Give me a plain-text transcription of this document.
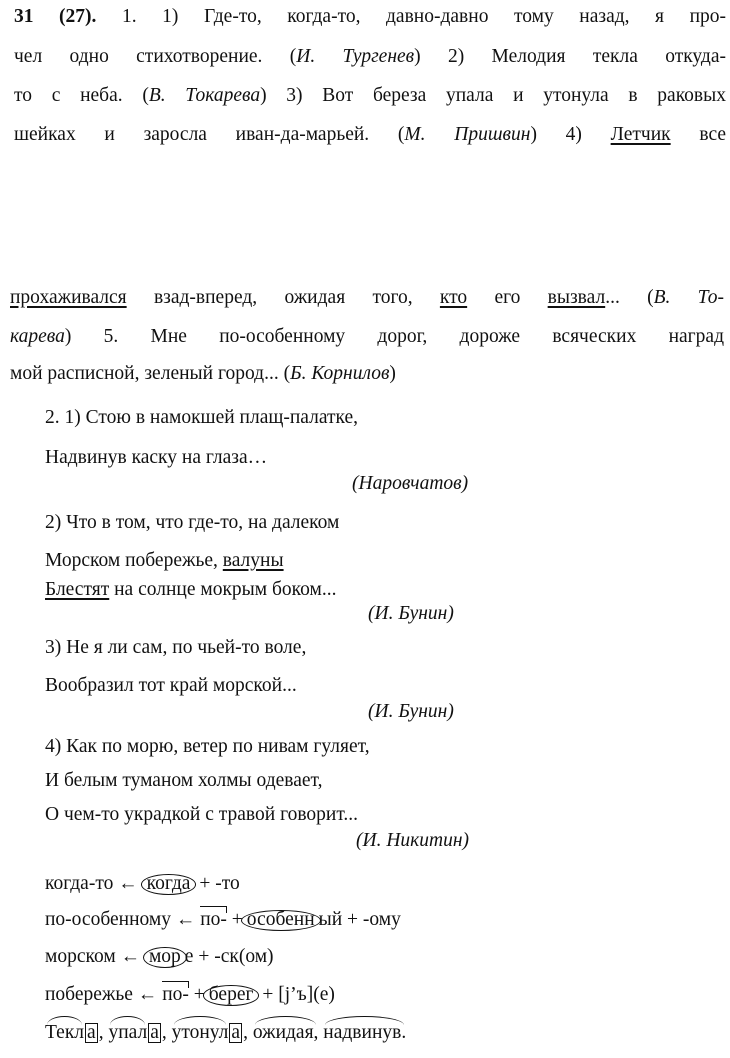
31 (27). 1. 1) Где-то, когда-то, давно-давно тому назад, я про-
чел одно стихотворение. (И. Тургенев) 2) Мелодия текла откуда-
то с неба. (В. Токарева) 3) Вот береза упала и утонула в раковых
шейках и заросла иван-да-марьей. (М. Пришвин) 4) Летчик все
прохаживался взад-вперед, ожидая того, кто его вызвал... (В. То-
карева) 5. Мне по-особенному дорог, дороже всяческих наград
мой расписной, зеленый город... (Б. Корнилов)
2. 1) Стою в намокшей плащ-палатке,
Надвинув каску на глаза…
(Наровчатов)
2) Что в том, что где-то, на далеком
Морском побережье, валуны
Блестят на солнце мокрым боком...
(И. Бунин)
3) Не я ли сам, по чьей-то воле,
Вообразил тот край морской...
(И. Бунин)
4) Как по морю, ветер по нивам гуляет,
И белым туманом холмы одевает,
О чем-то украдкой с травой говорит...
(И. Никитин)
когда-то ← когда + -то
по-особенному ← по- + особенн ый + -ому
морском ← мор е + -ск(ом)
побережье ← по- + берег + [j’ъ](е)
Текл а , упал а , утонул а , ожидая, надвинув.
